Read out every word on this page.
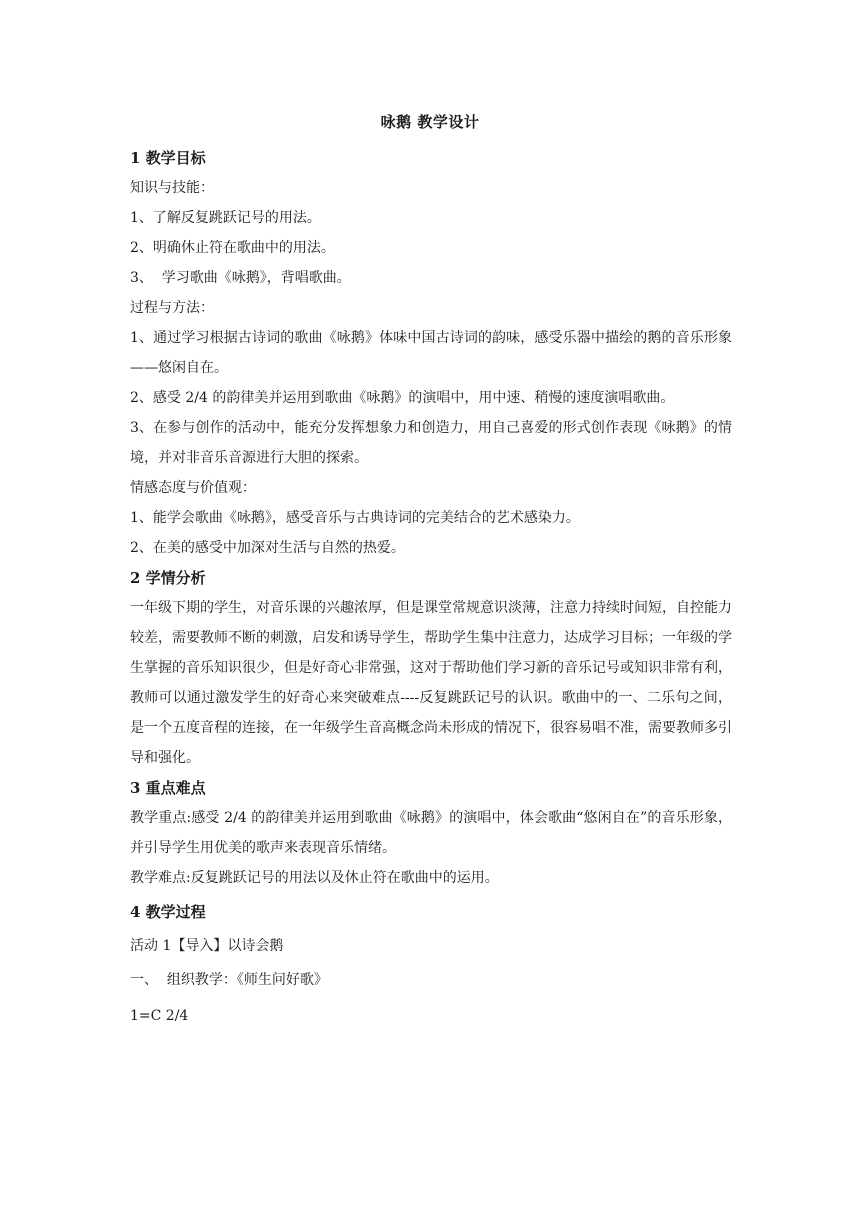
咏鹅 教学设计

1 教学目标

知识与技能：

1、了解反复跳跃记号的用法。

2、明确休止符在歌曲中的用法。

3、  学习歌曲《咏鹅》，背唱歌曲。

过程与方法：

1、通过学习根据古诗词的歌曲《咏鹅》体味中国古诗词的韵味，感受乐器中描绘的鹅的音乐形象——悠闲自在。

2、感受 2/4 的韵律美并运用到歌曲《咏鹅》的演唱中，用中速、稍慢的速度演唱歌曲。

3、在参与创作的活动中，能充分发挥想象力和创造力，用自己喜爱的形式创作表现《咏鹅》的情境，并对非音乐音源进行大胆的探索。

情感态度与价值观：

1、能学会歌曲《咏鹅》，感受音乐与古典诗词的完美结合的艺术感染力。

2、在美的感受中加深对生活与自然的热爱。

2 学情分析

一年级下期的学生，对音乐课的兴趣浓厚，但是课堂常规意识淡薄，注意力持续时间短，自控能力较差，需要教师不断的刺激，启发和诱导学生，帮助学生集中注意力，达成学习目标；一年级的学生掌握的音乐知识很少，但是好奇心非常强，这对于帮助他们学习新的音乐记号或知识非常有利，教师可以通过激发学生的好奇心来突破难点----反复跳跃记号的认识。歌曲中的一、二乐句之间，是一个五度音程的连接，在一年级学生音高概念尚未形成的情况下，很容易唱不准，需要教师多引导和强化。

3 重点难点

教学重点:感受 2/4 的韵律美并运用到歌曲《咏鹅》的演唱中，体会歌曲“悠闲自在”的音乐形象，并引导学生用优美的歌声来表现音乐情绪。

教学难点:反复跳跃记号的用法以及休止符在歌曲中的运用。

4 教学过程

活动 1【导入】以诗会鹅

一、  组织教学：《师生问好歌》

1=C 2/4
